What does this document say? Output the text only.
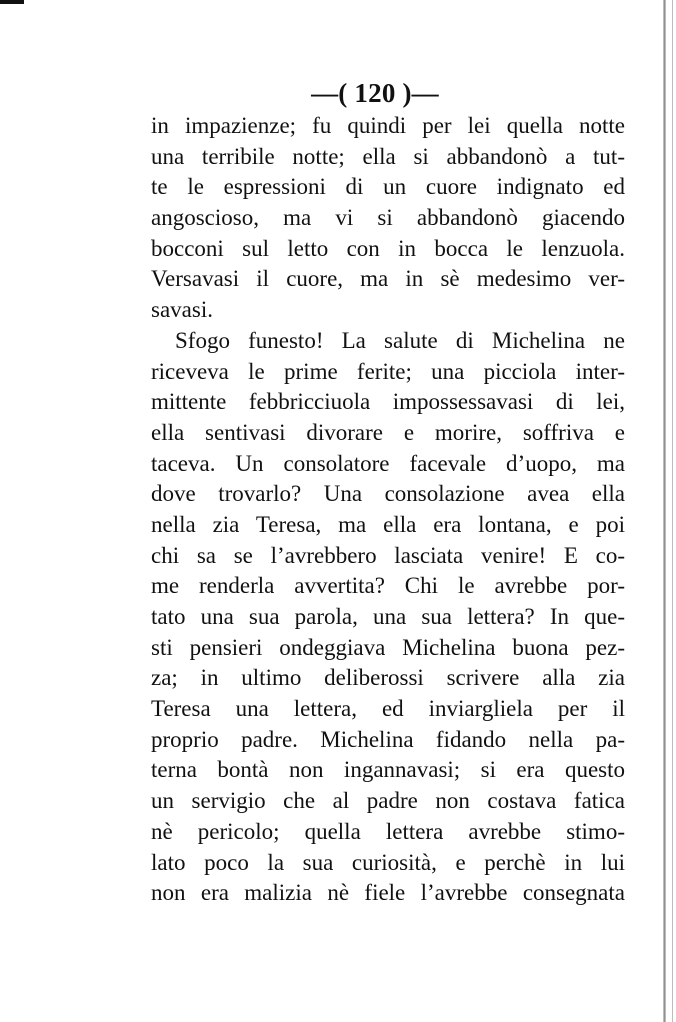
—( 120 )—
in impazienze; fu quindi per lei quella notte
una terribile notte; ella si abbandonò a tut-
te le espressioni di un cuore indignato ed
angoscioso, ma vi si abbandonò giacendo
bocconi sul letto con in bocca le lenzuola.
Versavasi il cuore, ma in sè medesimo ver-
savasi.
Sfogo funesto! La salute di Michelina ne
riceveva le prime ferite; una picciola inter-
mittente febbricciuola impossessavasi di lei,
ella sentivasi divorare e morire, soffriva e
taceva. Un consolatore facevale d’uopo, ma
dove trovarlo? Una consolazione avea ella
nella zia Teresa, ma ella era lontana, e poi
chi sa se l’avrebbero lasciata venire! E co-
me renderla avvertita? Chi le avrebbe por-
tato una sua parola, una sua lettera? In que-
sti pensieri ondeggiava Michelina buona pez-
za; in ultimo deliberossi scrivere alla zia
Teresa una lettera, ed inviargliela per il
proprio padre. Michelina fidando nella pa-
terna bontà non ingannavasi; si era questo
un servigio che al padre non costava fatica
nè pericolo; quella lettera avrebbe stimo-
lato poco la sua curiosità, e perchè in lui
non era malizia nè fiele l’avrebbe consegnata
